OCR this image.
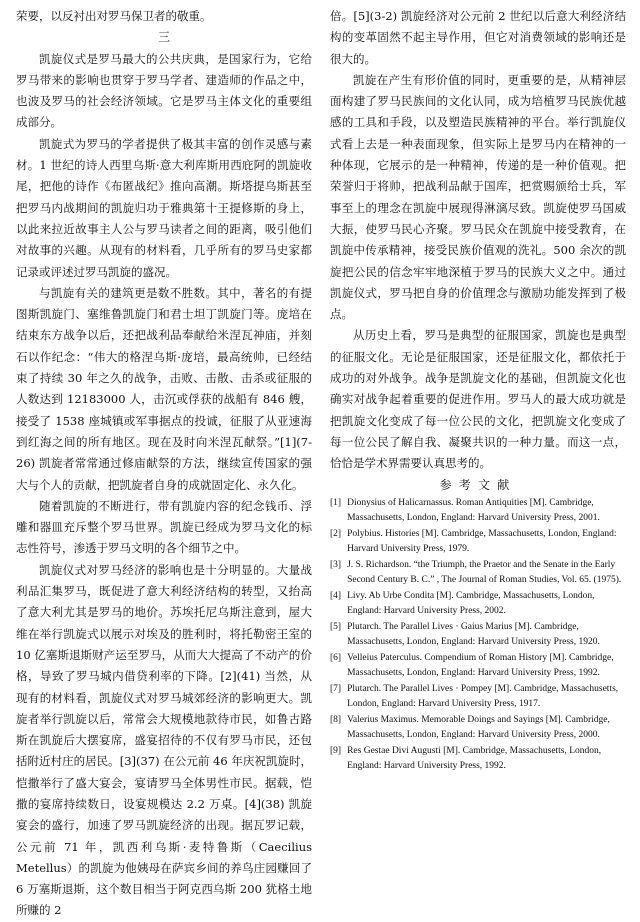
荣要，以反衬出对罗马保卫者的敬重。

三

凯旋仪式是罗马最大的公共庆典，是国家行为，它给罗马带来的影响也贯穿于罗马学者、建造师的作品之中，也波及罗马的社会经济领域。它是罗马主体文化的重要组成部分。

凯旋式为罗马的学者提供了极其丰富的创作灵感与素材。1 世纪的诗人西里乌斯·意大利库斯用西庇阿的凯旋收尾，把他的诗作《布匿战纪》推向高潮。斯塔提乌斯甚至把罗马内战期间的凯旋归功于雅典第十王提修斯的身上，以此来拉近故事主人公与罗马读者之间的距离，吸引他们对故事的兴趣。从现有的材料看，几乎所有的罗马史家都记录或评述过罗马凯旋的盛况。

与凯旋有关的建筑更是数不胜数。其中，著名的有提图斯凯旋门、塞维鲁凯旋门和君士坦丁凯旋门等。庞培在结束东方战争以后，还把战利品奉献给米涅瓦神庙，并刻石以作纪念：“伟大的格涅乌斯·庞培，最高统帅，已经结束了持续 30 年之久的战争，击败、击散、击杀或征服的人数达到 12183000 人，击沉或俘获的战船有 846 艘，接受了 1538 座城镇或军事据点的投诚，征服了从亚速海到红海之间的所有地区。现在及时向米涅瓦献祭。”[1](7-26) 凯旋者常常通过修庙献祭的方法，继续宣传国家的强大与个人的贡献，把凯旋者自身的成就固定化、永久化。

随着凯旋的不断进行，带有凯旋内容的纪念钱币、浮雕和器皿充斥整个罗马世界。凯旋已经成为罗马文化的标志性符号，渗透于罗马文明的各个细节之中。

凯旋仪式对罗马经济的影响也是十分明显的。大量战利品汇集罗马，既促进了意大利经济结构的转型，又抬高了意大利尤其是罗马的地价。苏埃托尼乌斯注意到，屋大维在举行凯旋式以展示对埃及的胜利时，将托勒密王室的 10 亿塞斯退斯财产运至罗马，从而大大提高了不动产的价格，导致了罗马城内借贷利率的下降。[2](41) 当然，从现有的材料看，凯旋仪式对罗马城郊经济的影响更大。凯旋者举行凯旋以后，常常会大规模地款待市民，如鲁古路斯在凯旋后大摆宴席，盛宴招待的不仅有罗马市民，还包括附近村庄的居民。[3](37) 在公元前 46 年庆祝凯旋时，恺撒举行了盛大宴会，宴请罗马全体男性市民。据载，恺撒的宴席持续数日，设宴规模达 2.2 万桌。[4](38) 凯旋宴会的盛行，加速了罗马凯旋经济的出现。据瓦罗记载，公元前 71 年，凯西利乌斯·麦特鲁斯（Caecilius Metellus）的凯旋为他姨母在萨宾乡间的养鸟庄园赚回了 6 万塞斯退斯，这个数目相当于阿克西乌斯 200 犹格土地所赚的 2

倍。[5](3-2) 凯旋经济对公元前 2 世纪以后意大利经济结构的变革固然不起主导作用，但它对消费领域的影响还是很大的。

凯旋在产生有形价值的同时，更重要的是，从精神层面构建了罗马民族间的文化认同，成为培植罗马民族优越感的工具和手段，以及塑造民族精神的平台。举行凯旋仪式看上去是一种表面现象，但实际上是罗马内在精神的一种体现，它展示的是一种精神，传递的是一种价值观。把荣誉归于将帅，把战利品献于国库，把赏赐颁给士兵，军事至上的理念在凯旋中展现得淋漓尽致。凯旋使罗马国威大振，使罗马民心齐聚。罗马民众在凯旋中接受教育，在凯旋中传承精神，接受民族价值观的洗礼。500 余次的凯旋把公民的信念牢牢地深植于罗马的民族大义之中。通过凯旋仪式，罗马把自身的价值理念与激励功能发挥到了极点。

从历史上看，罗马是典型的征服国家，凯旋也是典型的征服文化。无论是征服国家，还是征服文化，都依托于成功的对外战争。战争是凯旋文化的基础，但凯旋文化也确实对战争起着重要的促进作用。罗马人的最大成功就是把凯旋文化变成了每一位公民的文化，把凯旋文化变成了每一位公民了解自我、凝聚共识的一种力量。而这一点，恰恰是学术界需要认真思考的。

参考文献

[1] Dionysius of Halicarnassus. Roman Antiquities [M]. Cambridge, Massachusetts, London, England: Harvard University Press, 2001.

[2] Polybius. Histories [M]. Cambridge, Massachusetts, London, England: Harvard University Press, 1979.

[3] J. S. Richardson. “the Triumph, the Praetor and the Senate in the Early Second Century B. C.” , The Journal of Roman Studies, Vol. 65. (1975).

[4] Livy. Ab Urbe Condita [M]. Cambridge, Massachusetts, London, England: Harvard University Press, 2002.

[5] Plutarch. The Parallel Lives · Gaius Marius [M]. Cambridge, Massachusetts, London, England: Harvard University Press, 1920.

[6] Velleius Paterculus. Compendium of Roman History [M]. Cambridge, Massachusetts, London, England: Harvard University Press, 1992.

[7] Plutarch. The Parallel Lives · Pompey [M]. Cambridge, Massachusetts, London, England: Harvard University Press, 1917.

[8] Valerius Maximus. Memorable Doings and Sayings [M]. Cambridge, Massachusetts, London, England: Harvard University Press, 2000.

[9] Res Gestae Divi Augusti [M]. Cambridge, Massachusetts, London, England: Harvard University Press, 1992.
